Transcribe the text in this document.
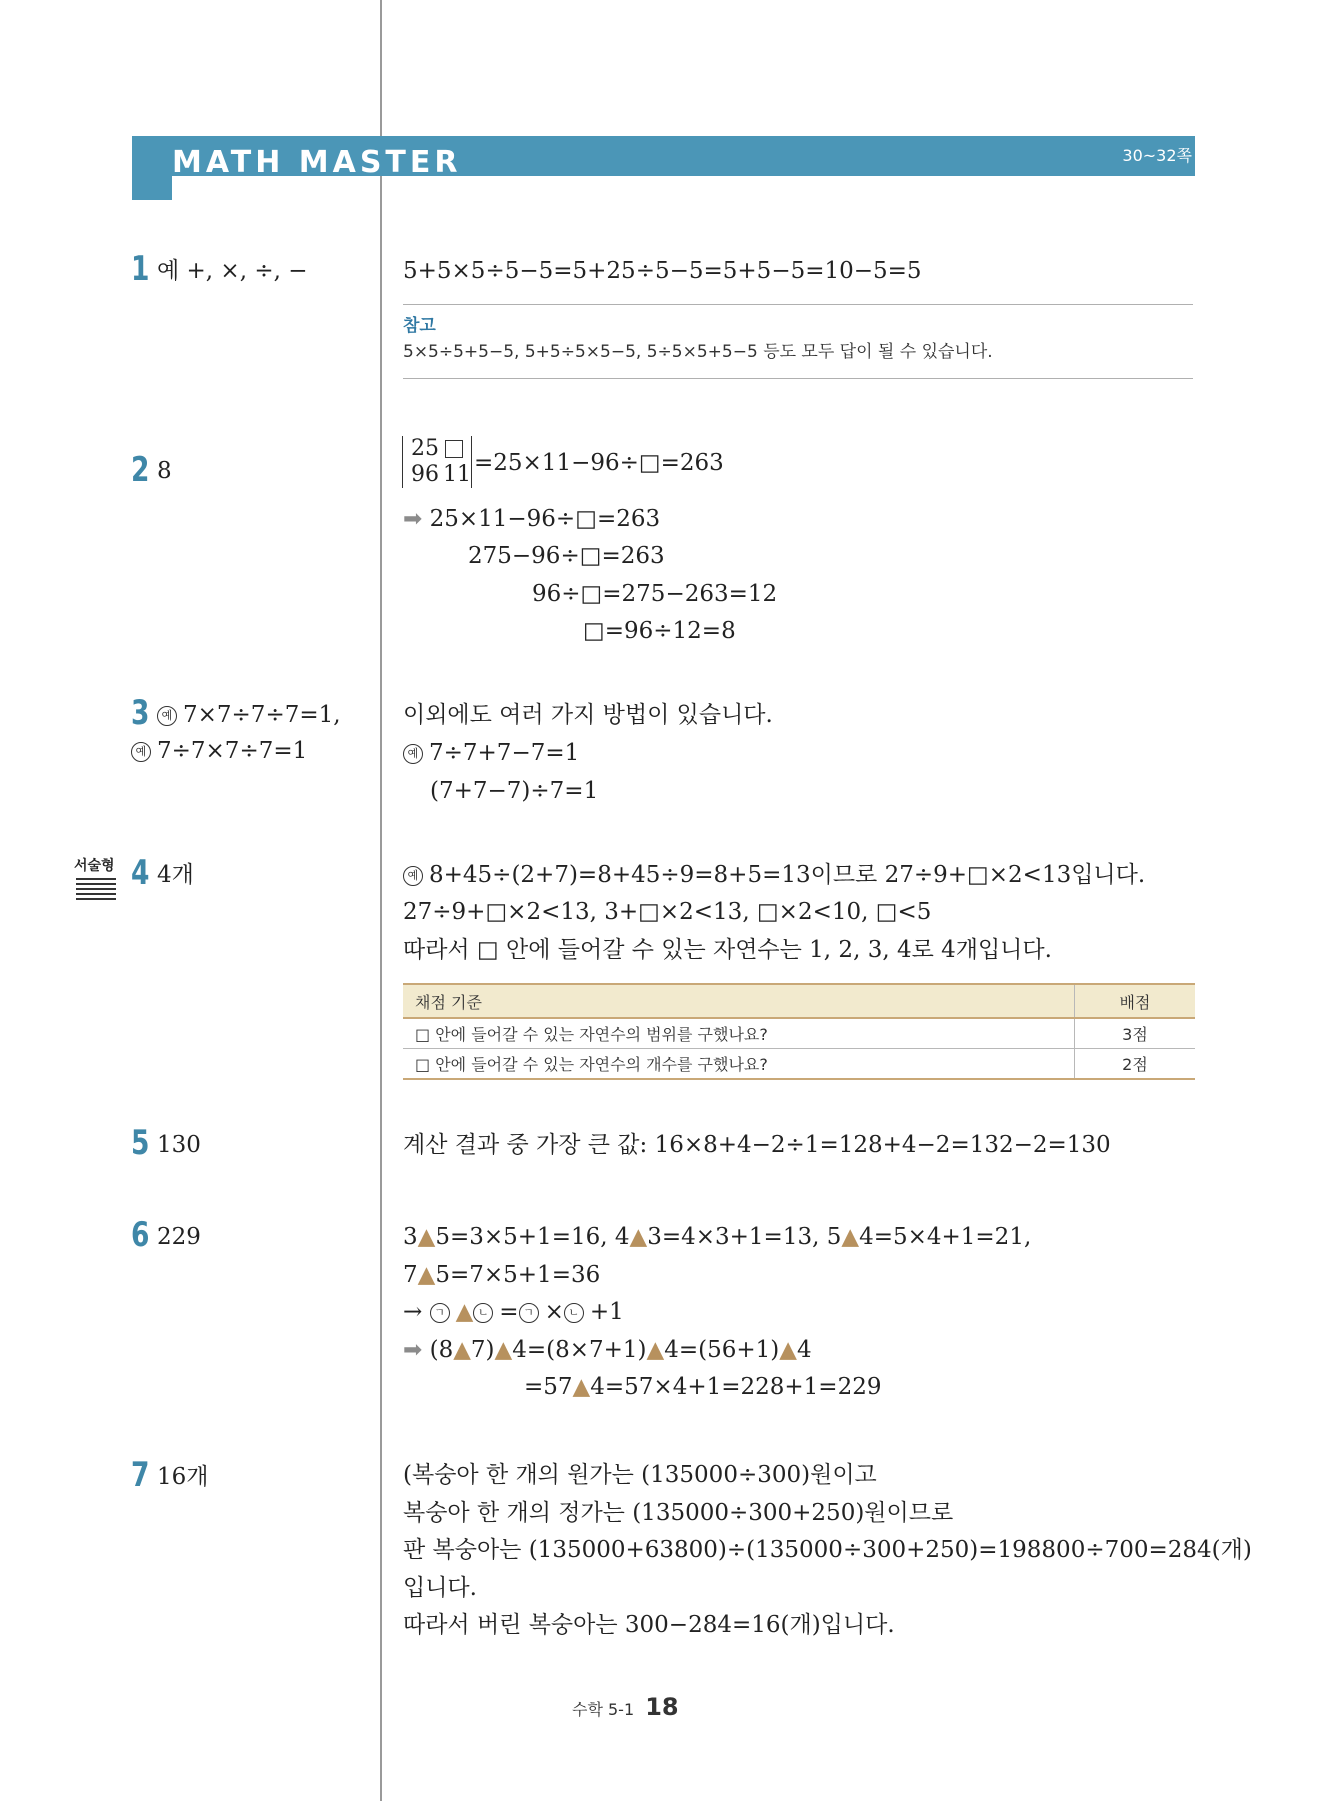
MATH MASTER	30~32쪽
1 예 +, ×, ÷, −	5+5×5÷5−5=5+25÷5−5=5+5−5=10−5=5
참고
5×5÷5+5−5, 5+5÷5×5−5, 5÷5×5+5−5 등도 모두 답이 될 수 있습니다.
2 8
25
96 11 =25×11−96÷□=263
➡ 25×11−96÷□=263
275−96÷□=263
96÷□=275−263=12
□=96÷12=8
3	예 7×7÷7÷7=1,
예 7÷7×7÷7=1
이외에도 여러 가지 방법이 있습니다.
예 7÷7+7−7=1
(7+7−7)÷7=1
서술형 4 4개	예 8+45÷(2+7)=8+45÷9=8+5=13이므로 27÷9+□×2<13입니다.
27÷9+□×2<13, 3+□×2<13, □×2<10, □<5
따라서 □ 안에 들어갈 수 있는 자연수는 1, 2, 3, 4로 4개입니다.
채점 기준	배점
□ 안에 들어갈 수 있는 자연수의 범위를 구했나요?	3점
□ 안에 들어갈 수 있는 자연수의 개수를 구했나요?	2점
5 130	계산 결과 중 가장 큰 값: 16×8+4−2÷1=128+4−2=132−2=130
6 229	3▲5=3×5+1=16, 4▲3=4×3+1=13, 5▲4=5×4+1=21,
7▲5=7×5+1=36
→ ㄱ ▲ ㄴ = ㄱ × ㄴ +1
➡ (8▲7)▲4=(8×7+1)▲4=(56+1)▲4
=57▲4=57×4+1=228+1=229
7 16개	(복숭아 한 개의 원가는 (135000÷300)원이고
복숭아 한 개의 정가는 (135000÷300+250)원이므로
판 복숭아는 (135000+63800)÷(135000÷300+250)=198800÷700=284(개)
입니다.
따라서 버린 복숭아는 300−284=16(개)입니다.
수학 5-1 18
